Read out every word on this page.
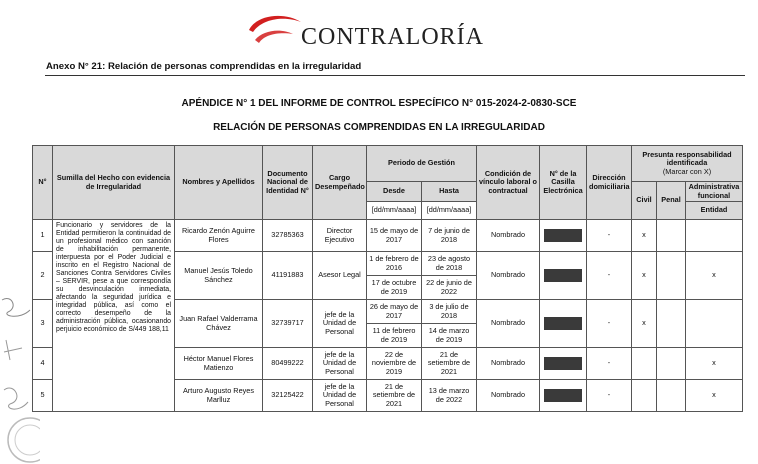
CONTRALORÍA
Anexo N° 21: Relación de personas comprendidas en la irregularidad
APÉNDICE N° 1 DEL INFORME DE CONTROL ESPECÍFICO N° 015-2024-2-0830-SCE
RELACIÓN DE PERSONAS COMPRENDIDAS EN LA IRREGULARIDAD
N°	Sumilla del Hecho con evidencia de Irregularidad	Nombres y Apellidos	Documento Nacional de Identidad N°	Cargo Desempeñado	Periodo de Gestión		Condición de vínculo laboral o contractual	N° de la Casilla Electrónica	Dirección domiciliaria	Presunta responsabilidad identificada
(Marcar con X)		
					Desde	Hasta				Civil	Penal	Administrativa funcional
					[dd/mm/aaaa]	[dd/mm/aaaa]						Entidad
1	Funcionario y servidores de la Entidad permitieron la continuidad de un profesional médico con sanción de inhabilitación permanente, interpuesta por el Poder Judicial e inscrito en el Registro Nacional de Sanciones Contra Servidores Civiles – SERVIR, pese a que correspondía su desvinculación inmediata, afectando la seguridad jurídica e integridad pública, así como el correcto desempeño de la administración pública, ocasionando perjuicio económico de S/449 188,11	Ricardo Zenón Aguirre Flores	32785363	Director Ejecutivo	15 de mayo de 2017	7 de junio de 2018	Nombrado		-	x		
2		Manuel Jesús Toledo Sánchez	41191883	Asesor Legal	1 de febrero de 2016	23 de agosto de 2018	Nombrado		-	x		x
					17 de octubre de 2019	22 de junio de 2022						
3		Juan Rafael Valderrama Chávez	32739717	jefe de la Unidad de Personal	26 de mayo de 2017	3 de julio de 2018	Nombrado		-	x		
					11 de febrero de 2019	14 de marzo de 2019						
4		Héctor Manuel Flores Matienzo	80499222	jefe de la Unidad de Personal	22 de noviembre de 2019	21 de setiembre de 2021	Nombrado		-			x
5		Arturo Augusto Reyes Marlluz	32125422	jefe de la Unidad de Personal	21 de setiembre de 2021	13 de marzo de 2022	Nombrado		-			x
